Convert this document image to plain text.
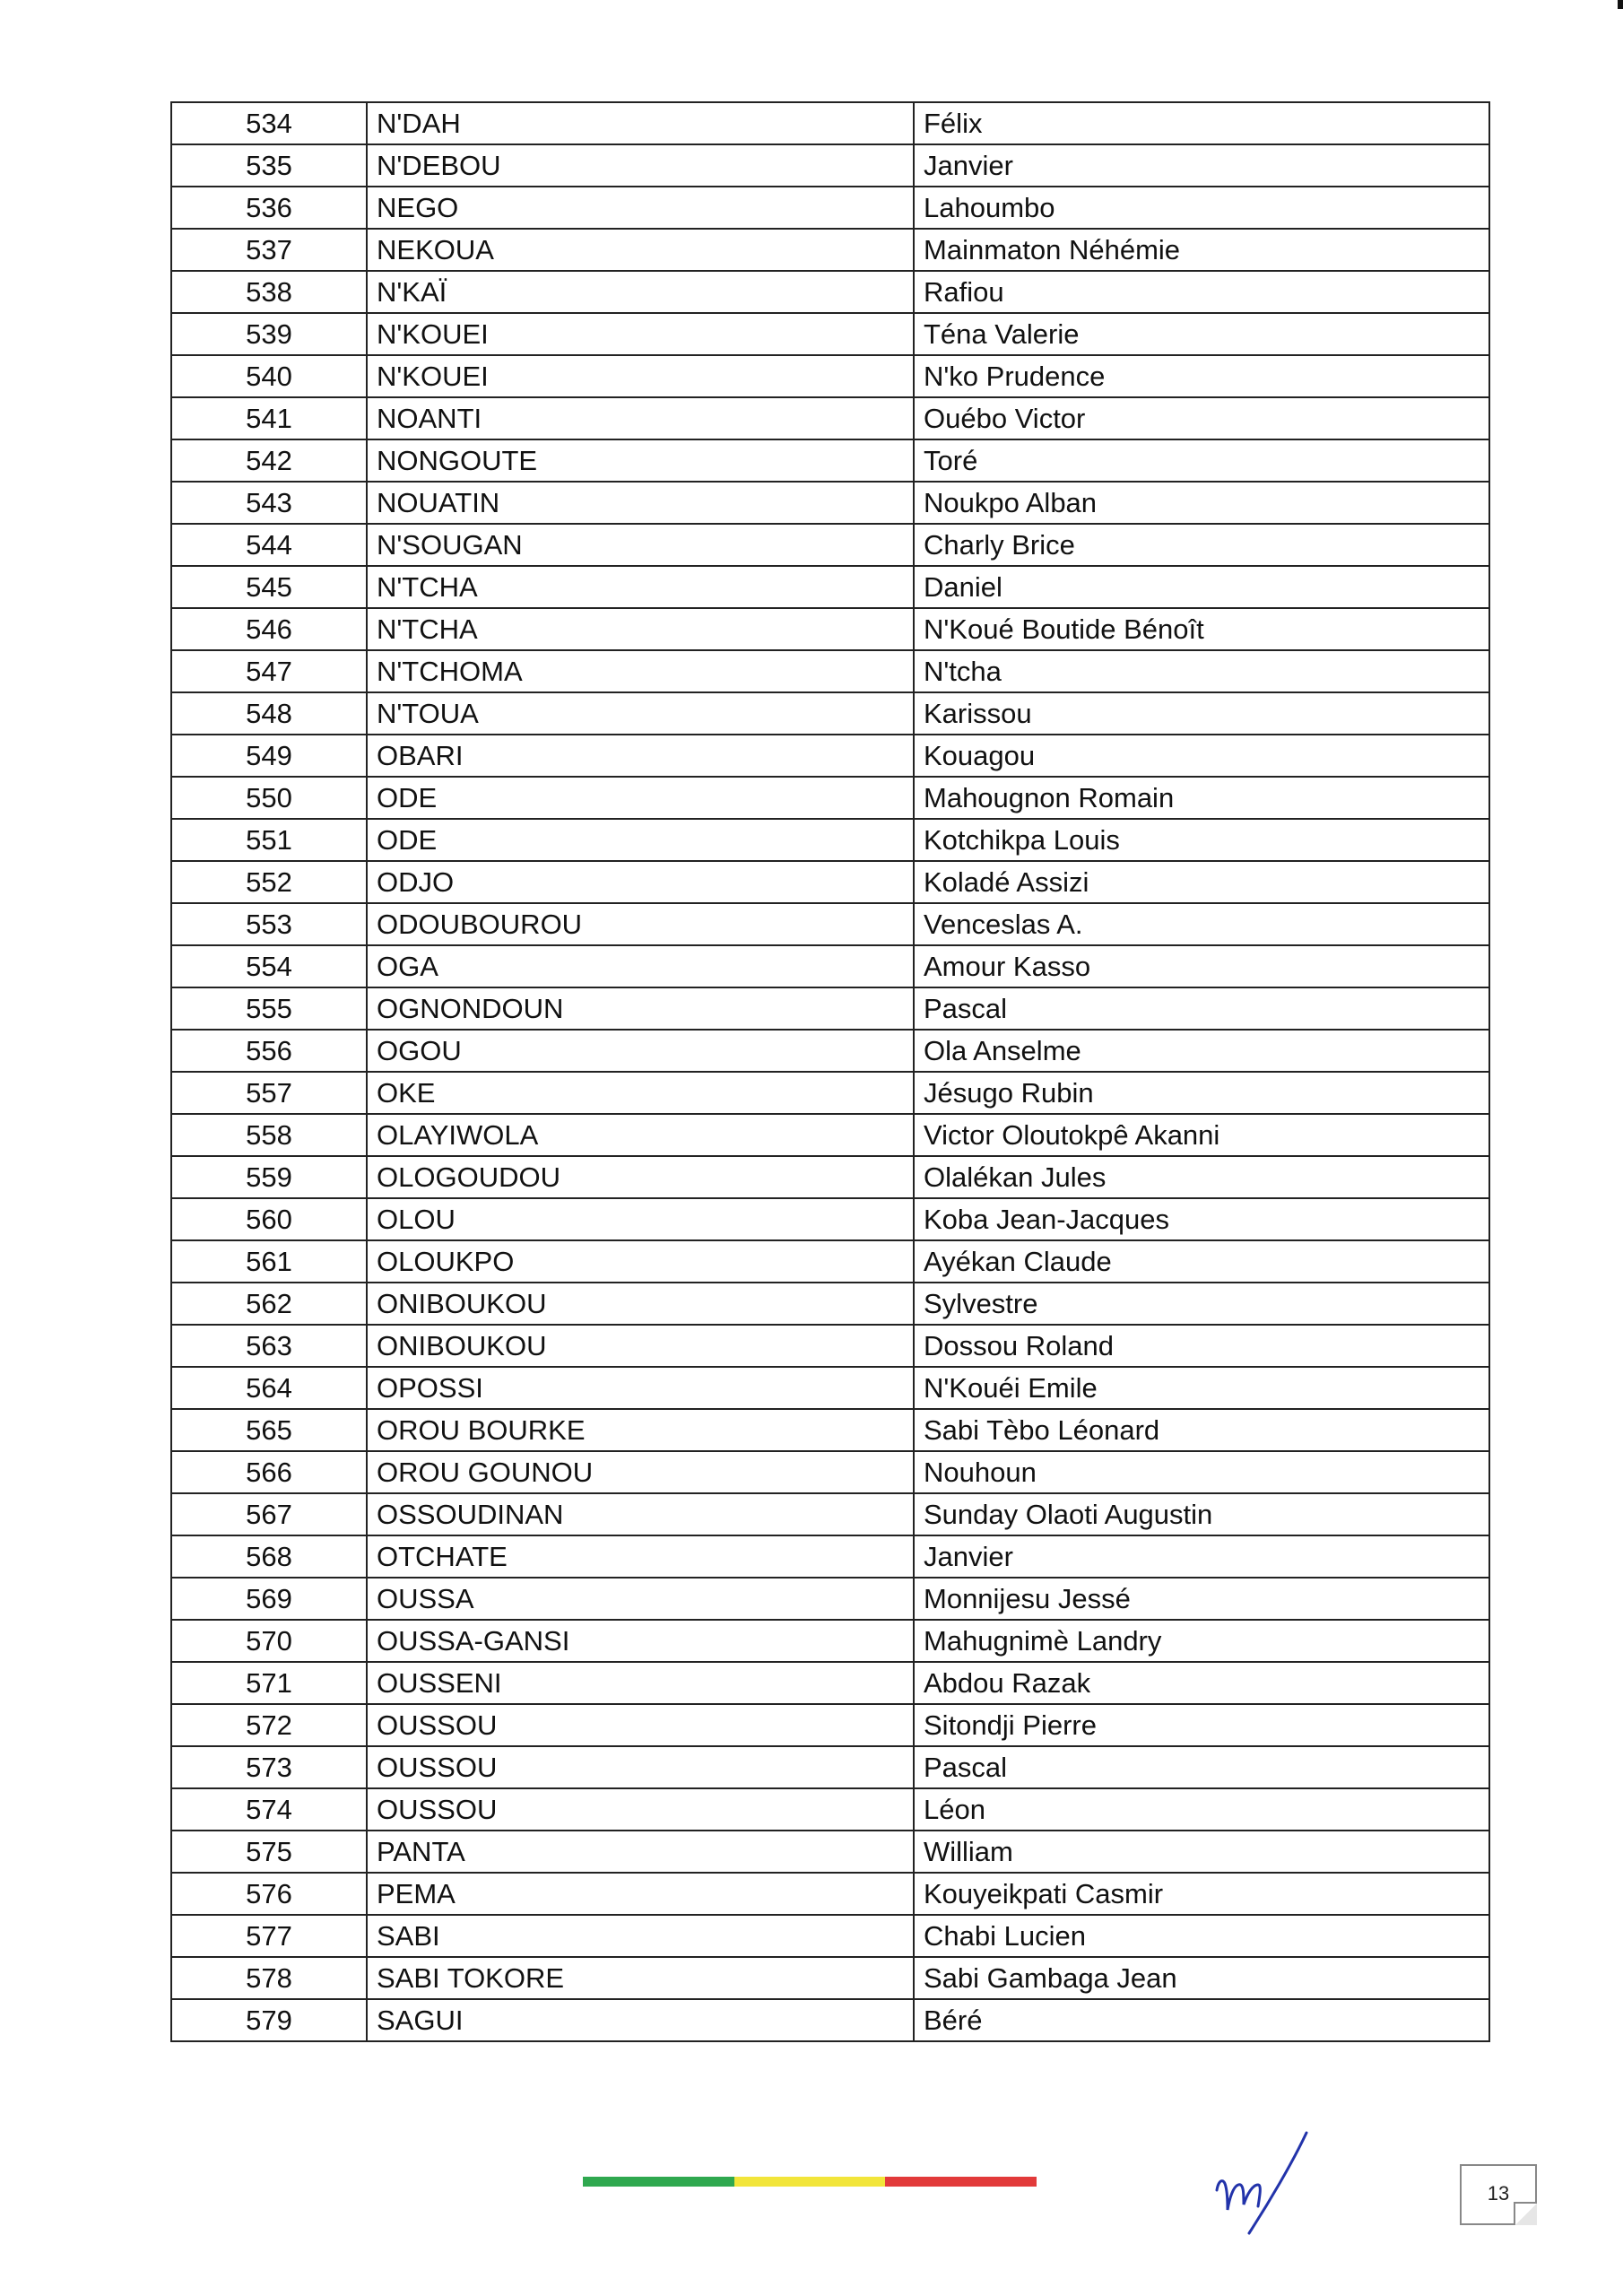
534	N'DAH	Félix
535	N'DEBOU	Janvier
536	NEGO	Lahoumbo
537	NEKOUA	Mainmaton Néhémie
538	N'KAÏ	Rafiou
539	N'KOUEI	Téna Valerie
540	N'KOUEI	N'ko Prudence
541	NOANTI	Ouébo Victor
542	NONGOUTE	Toré
543	NOUATIN	Noukpo Alban
544	N'SOUGAN	Charly Brice
545	N'TCHA	Daniel
546	N'TCHA	N'Koué Boutide Bénoît
547	N'TCHOMA	N'tcha
548	N'TOUA	Karissou
549	OBARI	Kouagou
550	ODE	Mahougnon Romain
551	ODE	Kotchikpa Louis
552	ODJO	Koladé Assizi
553	ODOUBOUROU	Venceslas A.
554	OGA	Amour Kasso
555	OGNONDOUN	Pascal
556	OGOU	Ola Anselme
557	OKE	Jésugo Rubin
558	OLAYIWOLA	Victor Oloutokpê Akanni
559	OLOGOUDOU	Olalékan Jules
560	OLOU	Koba Jean-Jacques
561	OLOUKPO	Ayékan Claude
562	ONIBOUKOU	Sylvestre
563	ONIBOUKOU	Dossou Roland
564	OPOSSI	N'Kouéi Emile
565	OROU BOURKE	Sabi Tèbo Léonard
566	OROU GOUNOU	Nouhoun
567	OSSOUDINAN	Sunday Olaoti Augustin
568	OTCHATE	Janvier
569	OUSSA	Monnijesu Jessé
570	OUSSA-GANSI	Mahugnimè Landry
571	OUSSENI	Abdou Razak
572	OUSSOU	Sitondji Pierre
573	OUSSOU	Pascal
574	OUSSOU	Léon
575	PANTA	William
576	PEMA	Kouyeikpati Casmir
577	SABI	Chabi Lucien
578	SABI TOKORE	Sabi Gambaga Jean
579	SAGUI	Béré
13
